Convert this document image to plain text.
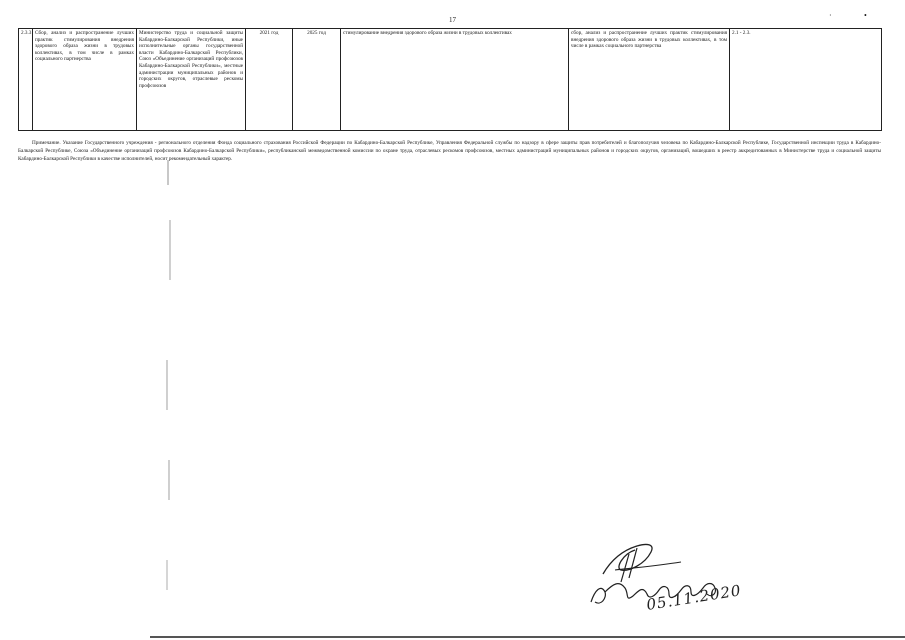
17	·	•
2.3.3	Сбор, анализ и распространение лучших практик стимулирования внедрения здорового образа жизни в трудовых коллективах, в том числе в рамках социального партнерства	Министерство труда и социальной защиты Кабардино-Балкарской Республики, иные исполнительные органы государственной власти Кабардино-Балкарской Республики, Союз «Объединение организаций профсоюзов Кабардино-Балкарской Республики», местные администрации муниципальных районов и городских округов, отраслевые рескомы профсоюзов	2021 год	2025 год	стимулирование внедрения здорового образа жизни в трудовых коллективах	сбор, анализ и распространение лучших практик стимулирования внедрения здорового образа жизни в трудовых коллективах, в том числе в рамках социального партнерства	2.1 - 2.3.
Примечание. Указание Государственного учреждения - регионального отделения Фонда социального страхования Российской Федерации по Кабардино-Балкарской Республике, Управления Федеральной службы по надзору в сфере защиты прав потребителей и благополучия человека по Кабардино-Балкарской Республике, Государственной инспекции труда в Кабардино-Балкарской Республике, Союза «Объединение организаций профсоюзов Кабардино-Балкарской Республики», республиканской межведомственной комиссии по охране труда, отраслевых рескомов профсоюзов, местных администраций муниципальных районов и городских округов, организаций, вошедших в реестр аккредитованных в Министерстве труда и социальной защиты Кабардино-Балкарской Республики в качестве исполнителей, носит рекомендательный характер.
05.11.2020
